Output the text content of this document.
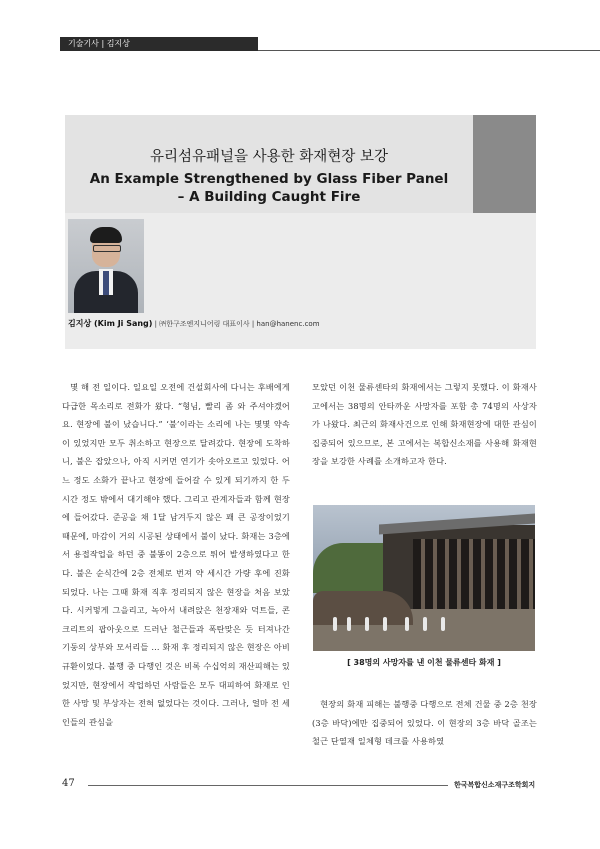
기술기사 | 김지상
유리섬유패널을 사용한 화재현장 보강
An Example Strengthened by Glass Fiber Panel
– A Building Caught Fire
김지상 (Kim Ji Sang) | ㈜한구조엔지니어링 대표이사 | han@hanenc.com

몇 해 전 일이다. 일요일 오전에 건설회사에 다니는 후배에게 다급한 목소리로 전화가 왔다. “형님, 빨리 좀 와 주셔야겠어요. 현장에 불이 났습니다.” ‘불’이라는 소리에 나는 몇몇 약속이 있었지만 모두 취소하고 현장으로 달려갔다. 현장에 도착하니, 불은 잡았으나, 아직 시커먼 연기가 솟아오르고 있었다. 어느 정도 소화가 끝나고 현장에 들어갈 수 있게 되기까지 한 두시간 정도 밖에서 대기해야 했다. 그리고 관계자들과 함께 현장에 들어갔다. 준공을 채 1달 남겨두지 않은 꽤 큰 공장이었기 때문에, 마감이 거의 시공된 상태에서 불이 났다. 화재는 3층에서 용접작업을 하던 중 불똥이 2층으로 튀어 발생하였다고 한다. 불은 순식간에 2층 전체로 번져 약 세시간 가량 후에 진화 되었다. 나는 그때 화재 직후 정리되지 않은 현장을 처음 보았다. 시커멓게 그을리고, 녹아서 내려앉은 천장재와 덕트들, 콘크리트의 팝아웃으로 드러난 철근들과 폭탄맞은 듯 터져나간 기둥의 상부와 모서리들 ... 화재 후 정리되지 않은 현장은 아비규환이었다. 불행 중 다행인 것은 비록 수십억의 재산피해는 있었지만, 현장에서 작업하던 사람들은 모두 대피하여 화재로 인한 사망 및 부상자는 전혀 없었다는 것이다. 그러나, 얼마 전 세인들의 관심을

모았던 이천 물류센타의 화재에서는 그렇지 못했다. 이 화재사고에서는 38명의 안타까운 사망자를 포함 총 74명의 사상자가 나왔다. 최근의 화재사건으로 인해 화재현장에 대한 관심이 집중되어 있으므로, 본 고에서는 복합신소재를 사용해 화재현장을 보강한 사례를 소개하고자 한다.

[ 38명의 사망자를 낸 이천 물류센타 화재 ]

현장의 화재 피해는 불행중 다행으로 전체 건물 중 2층 천장 (3층 바닥)에만 집중되어 있었다. 이 현장의 3층 바닥 골조는 철근 단열재 일체형 데크를 사용하였

47	한국복합신소재구조학회지
